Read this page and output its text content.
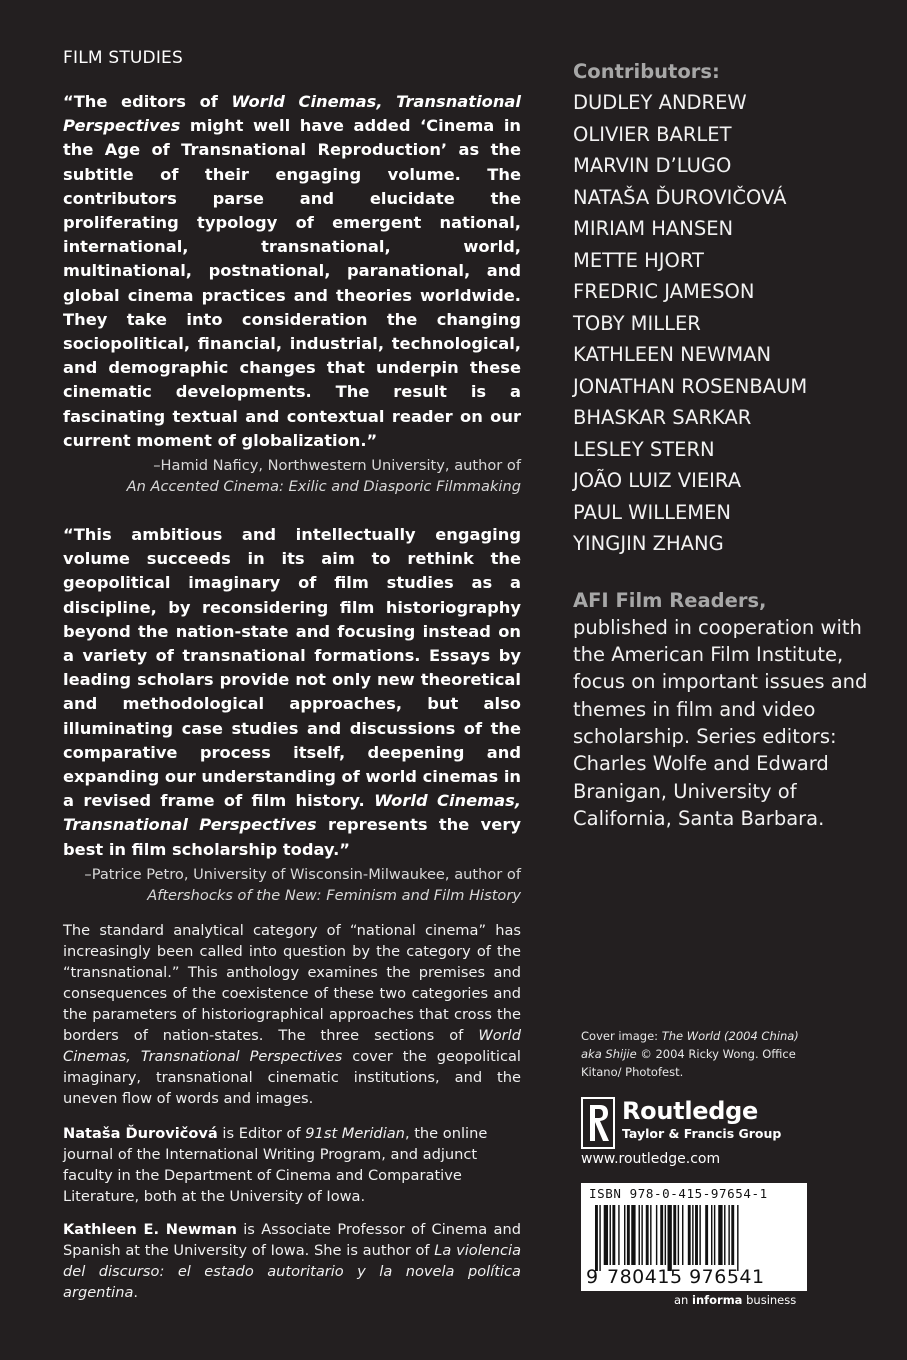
FILM STUDIES

“The editors of World Cinemas, Transnational Perspectives might well have added ‘Cinema in the Age of Transnational Reproduction’ as the subtitle of their engaging volume. The contributors parse and elucidate the proliferating typology of emergent national, international, transnational, world, multinational, postnational, paranational, and global cinema practices and theories worldwide. They take into consideration the changing sociopolitical, financial, industrial, technological, and demographic changes that underpin these cinematic developments. The result is a fascinating textual and contextual reader on our current moment of globalization.”

–Hamid Naficy, Northwestern University, author of
An Accented Cinema: Exilic and Diasporic Filmmaking

“This ambitious and intellectually engaging volume succeeds in its aim to rethink the geopolitical imaginary of film studies as a discipline, by reconsidering film historiography beyond the nation-state and focusing instead on a variety of transnational formations. Essays by leading scholars provide not only new theoretical and methodological approaches, but also illuminating case studies and discussions of the comparative process itself, deepening and expanding our understanding of world cinemas in a revised frame of film history. World Cinemas, Transnational Perspectives represents the very best in film scholarship today.”

–Patrice Petro, University of Wisconsin-Milwaukee, author of
Aftershocks of the New: Feminism and Film History
The standard analytical category of “national cinema” has increasingly been called into question by the category of the “transnational.” This anthology examines the premises and consequences of the coexistence of these two categories and the parameters of historiographical approaches that cross the borders of nation-states. The three sections of World Cinemas, Transnational Perspectives cover the geopolitical imaginary, transnational cinematic institutions, and the uneven flow of words and images.
Nataša Ďurovičová is Editor of 91st Meridian, the online journal of the International Writing Program, and adjunct faculty in the Department of Cinema and Comparative Literature, both at the University of Iowa.
Kathleen E. Newman is Associate Professor of Cinema and Spanish at the University of Iowa. She is author of La violencia del discurso: el estado autoritario y la novela política argentina.
Contributors:
DUDLEY ANDREW
OLIVIER BARLET
MARVIN D’LUGO
NATAŠA ĎUROVIČOVÁ
MIRIAM HANSEN
METTE HJORT
FREDRIC JAMESON
TOBY MILLER
KATHLEEN NEWMAN
JONATHAN ROSENBAUM
BHASKAR SARKAR
LESLEY STERN
JOÃO LUIZ VIEIRA
PAUL WILLEMEN
YINGJIN ZHANG
AFI Film Readers,
published in cooperation with the American Film Institute, focus on important issues and themes in film and video scholarship. Series editors: Charles Wolfe and Edward Branigan, University of California, Santa Barbara.
Cover image: The World (2004 China) aka Shijie © 2004 Ricky Wong. Office Kitano/ Photofest.
Routledge
Taylor & Francis Group
www.routledge.com
ISBN 978-0-415-97654-1
9 780415 976541
an informa business
